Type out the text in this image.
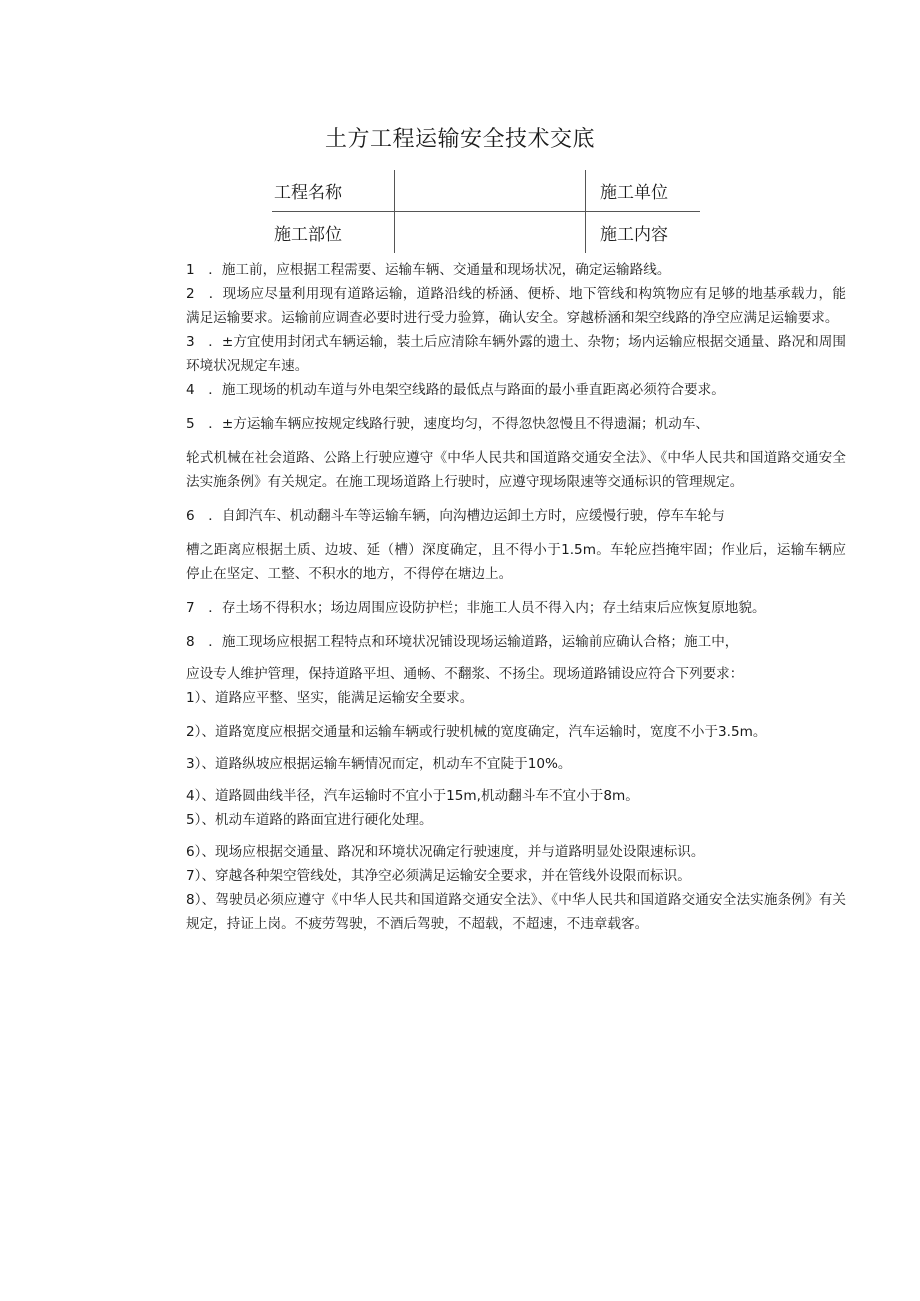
土方工程运输安全技术交底
工程名称		施工单位
施工部位		施工内容

1　．施工前，应根据工程需要、运输车辆、交通量和现场状况，确定运输路线。

2　．现场应尽量利用现有道路运输，道路沿线的桥涵、便桥、地下管线和构筑物应有足够的地基承载力，能满足运输要求。运输前应调查必要时进行受力验算，确认安全。穿越桥涵和架空线路的净空应满足运输要求。

3　．±方宜使用封闭式车辆运输，装土后应清除车辆外露的遗土、杂物；场内运输应根据交通量、路况和周围环境状况规定车速。

4　．施工现场的机动车道与外电架空线路的最低点与路面的最小垂直距离必须符合要求。

5　．±方运输车辆应按规定线路行驶，速度均匀，不得忽快忽慢且不得遗漏；机动车、

轮式机械在社会道路、公路上行驶应遵守《中华人民共和国道路交通安全法》、《中华人民共和国道路交通安全法实施条例》有关规定。在施工现场道路上行驶时，应遵守现场限速等交通标识的管理规定。

6　．自卸汽车、机动翻斗车等运输车辆，向沟槽边运卸土方时，应缓慢行驶，停车车轮与

槽之距离应根据土质、边坡、延（槽）深度确定，且不得小于1.5m。车轮应挡掩牢固；作业后，运输车辆应停止在坚定、工整、不积水的地方，不得停在塘边上。

7　．存土场不得积水；场边周围应设防护栏；非施工人员不得入内；存土结束后应恢复原地貌。

8　．施工现场应根据工程特点和环境状况铺设现场运输道路，运输前应确认合格；施工中，

应设专人维护管理，保持道路平坦、通畅、不翻浆、不扬尘。现场道路铺设应符合下列要求：

1）、道路应平整、坚实，能满足运输安全要求。

2）、道路宽度应根据交通量和运输车辆或行驶机械的宽度确定，汽车运输时，宽度不小于3.5m。

3）、道路纵坡应根据运输车辆情况而定，机动车不宜陡于10%。

4）、道路圆曲线半径，汽车运输时不宜小于15m,机动翻斗车不宜小于8m。

5）、机动车道路的路面宜进行硬化处理。

6）、现场应根据交通量、路况和环境状况确定行驶速度，并与道路明显处设限速标识。

7）、穿越各种架空管线处，其净空必须满足运输安全要求，并在管线外设限而标识。

8）、驾驶员必须应遵守《中华人民共和国道路交通安全法》、《中华人民共和国道路交通安全法实施条例》有关规定，持证上岗。不疲劳驾驶，不酒后驾驶，不超载，不超速，不违章载客。
